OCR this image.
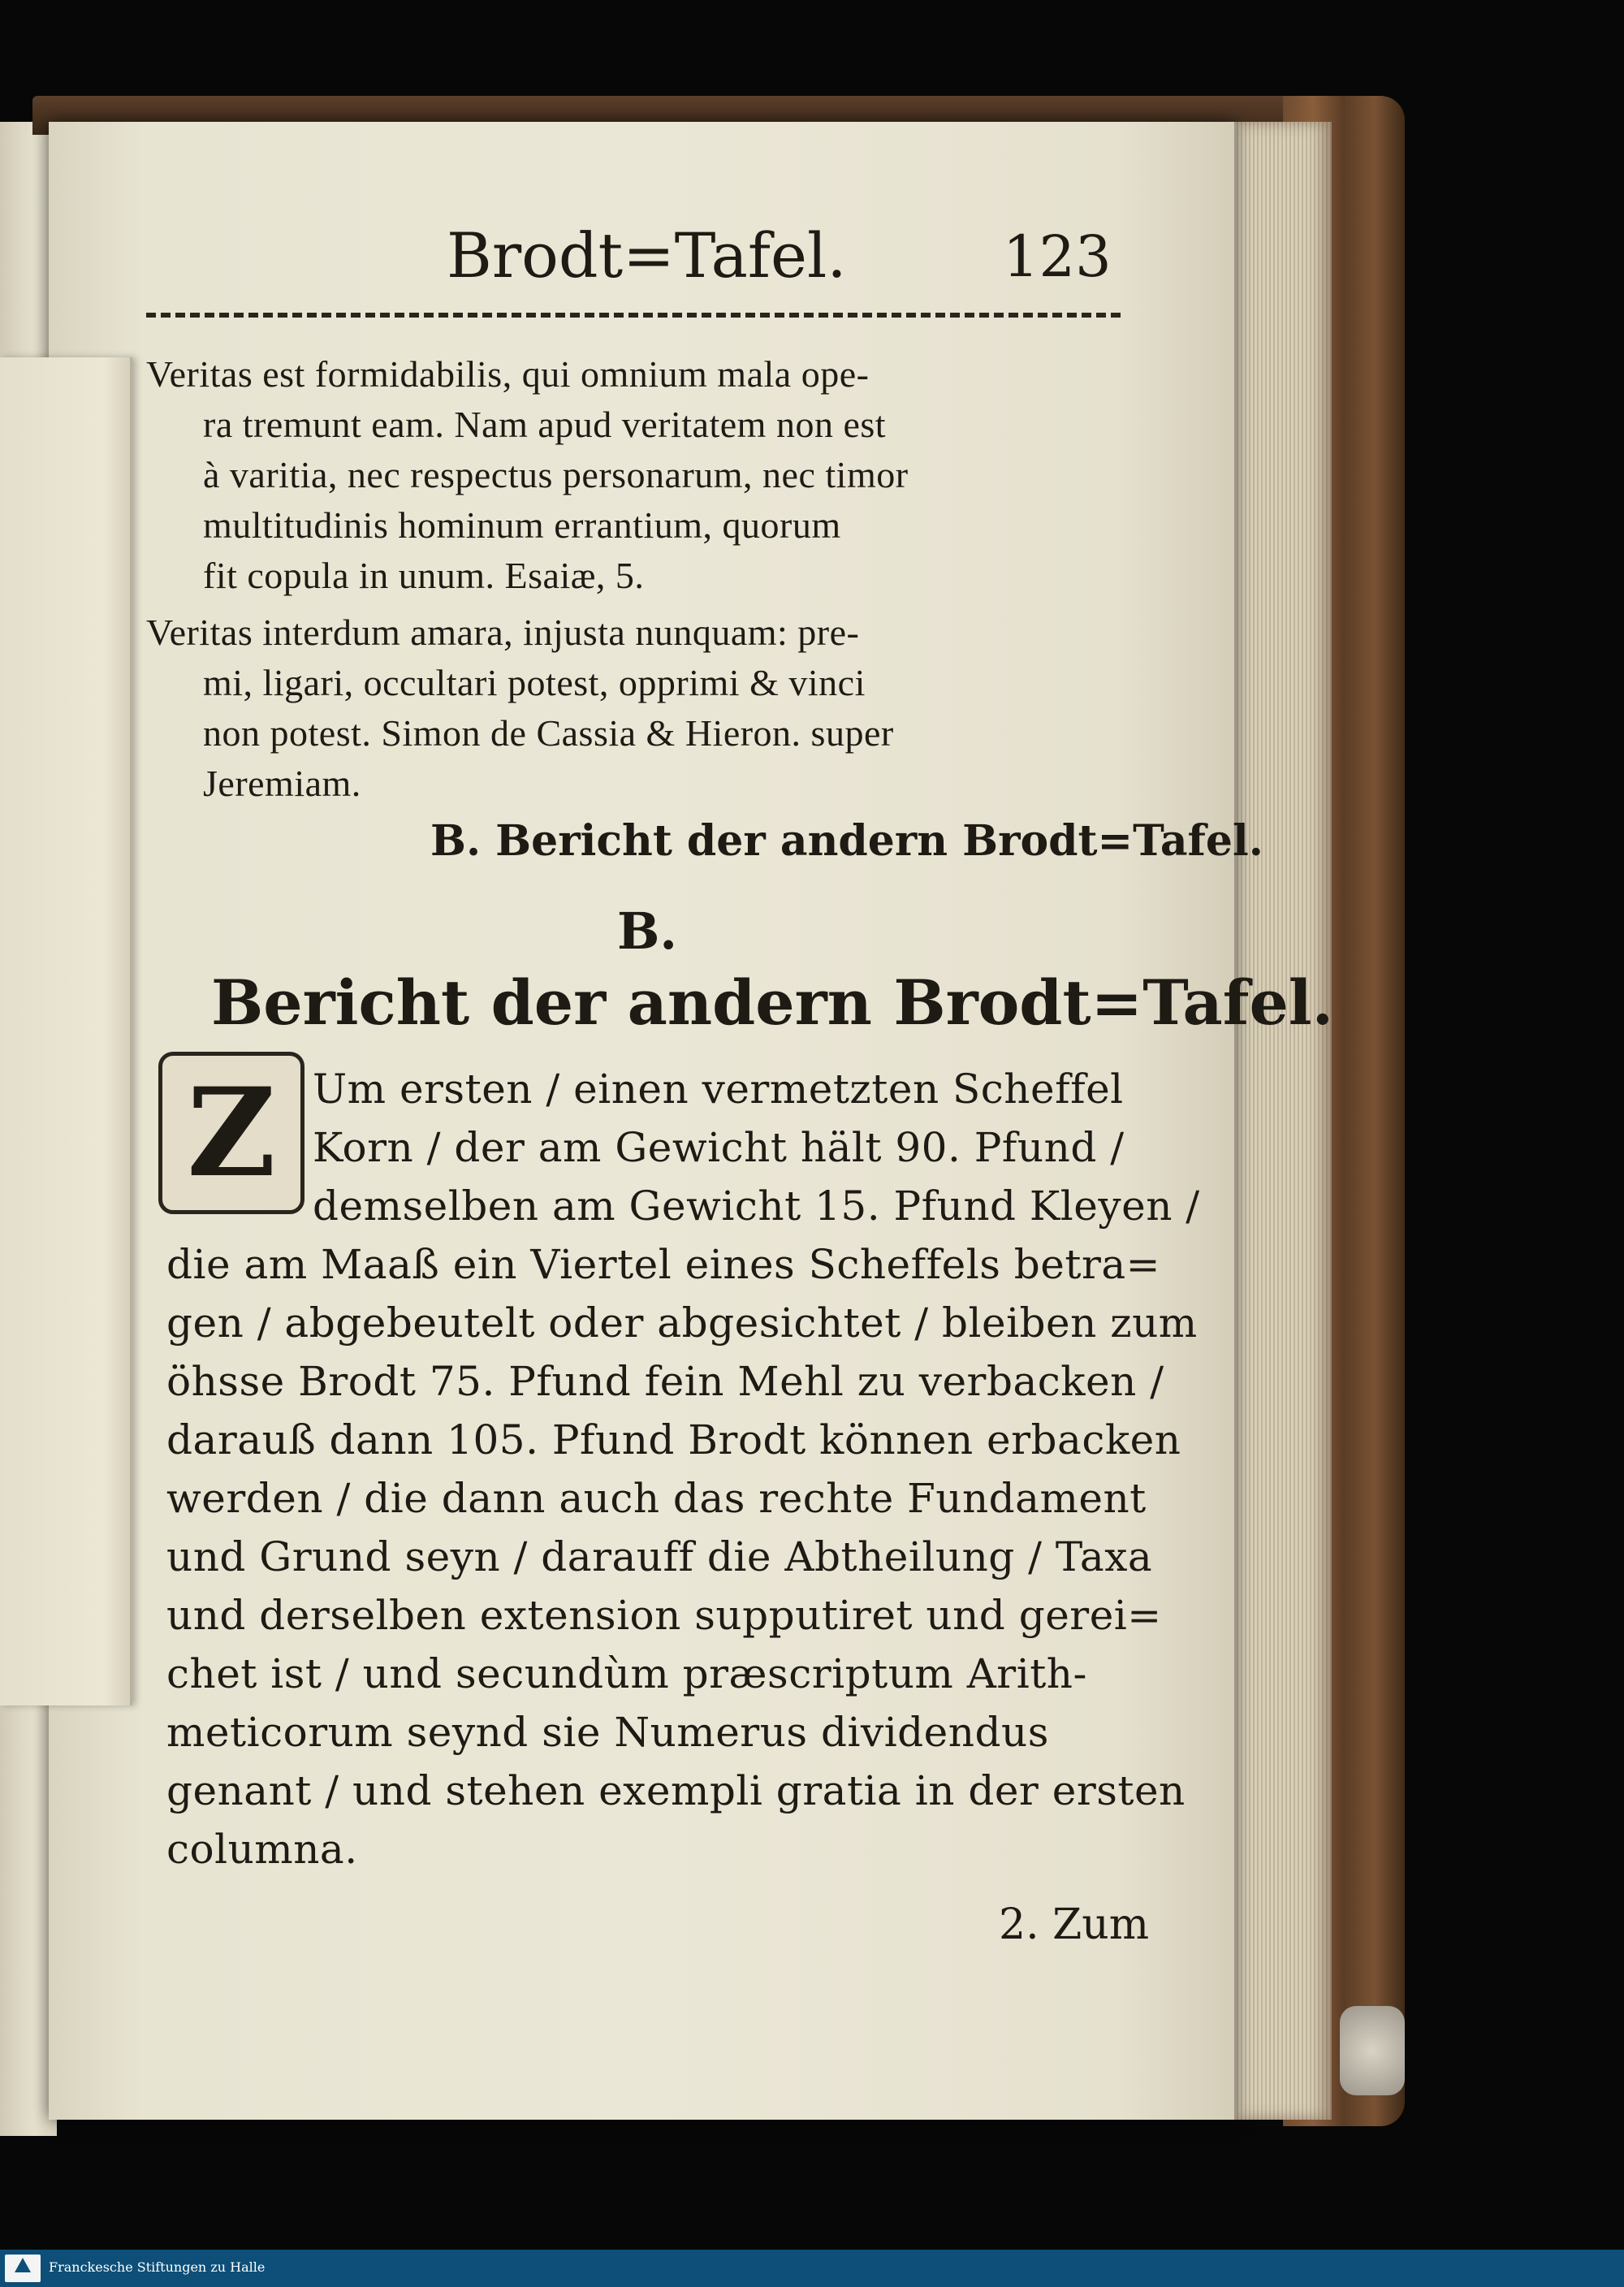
Brodt=Tafel.	123
Veritas est formidabilis, qui omnium mala ope-
ra tremunt eam. Nam apud veritatem non est
à varitia, nec respectus personarum, nec timor
multitudinis hominum errantium, quorum
fit copula in unum. Esaiæ, 5.
Veritas interdum amara, injusta nunquam: pre-
mi, ligari, occultari potest, opprimi & vinci
non potest. Simon de Cassia & Hieron. super
Jeremiam.
B. Bericht der andern Brodt=Tafel.
B.
Bericht der andern Brodt=Tafel.
Z Um ersten / einen vermetzten Scheffel
Korn / der am Gewicht hält 90. Pfund /
demselben am Gewicht 15. Pfund Kleyen /
die am Maaß ein Viertel eines Scheffels betra=
gen / abgebeutelt oder abgesichtet / bleiben zum
öhsse Brodt 75. Pfund fein Mehl zu verbacken /
darauß dann 105. Pfund Brodt können erbacken
werden / die dann auch das rechte Fundament
und Grund seyn / darauff die Abtheilung / Taxa
und derselben extension supputiret und gerei=
chet ist / und secundùm præscriptum Arith-
meticorum seynd sie Numerus dividendus
genant / und stehen exempli gratia in der ersten
columna.
2. Zum
Franckesche Stiftungen zu Halle
